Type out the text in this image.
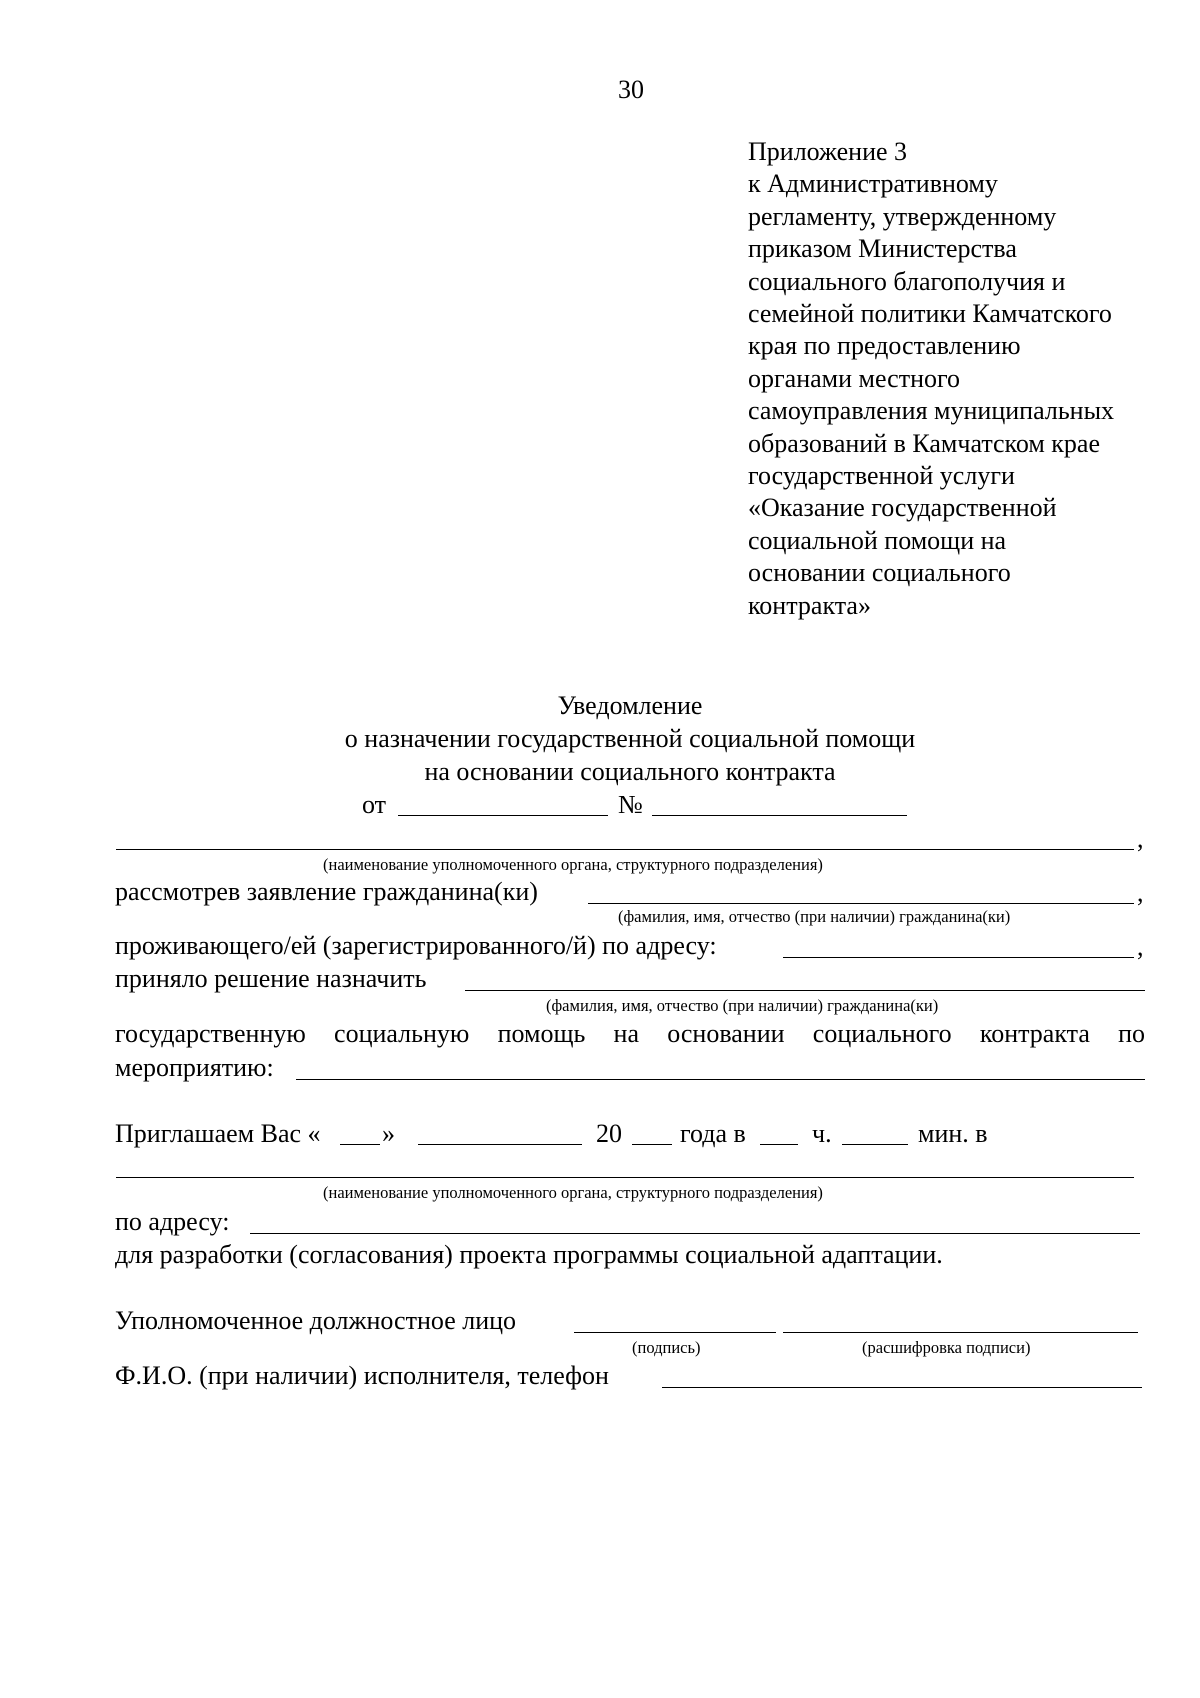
30
Приложение 3
к Административному
регламенту, утвержденному
приказом Министерства
социального благополучия и
семейной политики Камчатского
края по предоставлению
органами местного
самоуправления муниципальных
образований в Камчатском крае
государственной услуги
«Оказание государственной
социальной помощи на
основании социального
контракта»
Уведомление
о назначении государственной социальной помощи
на основании социального контракта
от	№
,
(наименование уполномоченного органа, структурного подразделения)
рассмотрев заявление гражданина(ки)	,
(фамилия, имя, отчество (при наличии) гражданина(ки)
проживающего/ей (зарегистрированного/й) по адресу:	,
приняло решение назначить
(фамилия, имя, отчество (при наличии) гражданина(ки)
государственную социальную помощь на основании социального контракта по
мероприятию:
Приглашаем Вас « »	20 года в	ч.	мин. в
(наименование уполномоченного органа, структурного подразделения)
по адресу:
для разработки (согласования) проекта программы социальной адаптации.
Уполномоченное должностное лицо
(подпись)	(расшифровка подписи)
Ф.И.О. (при наличии) исполнителя, телефон
